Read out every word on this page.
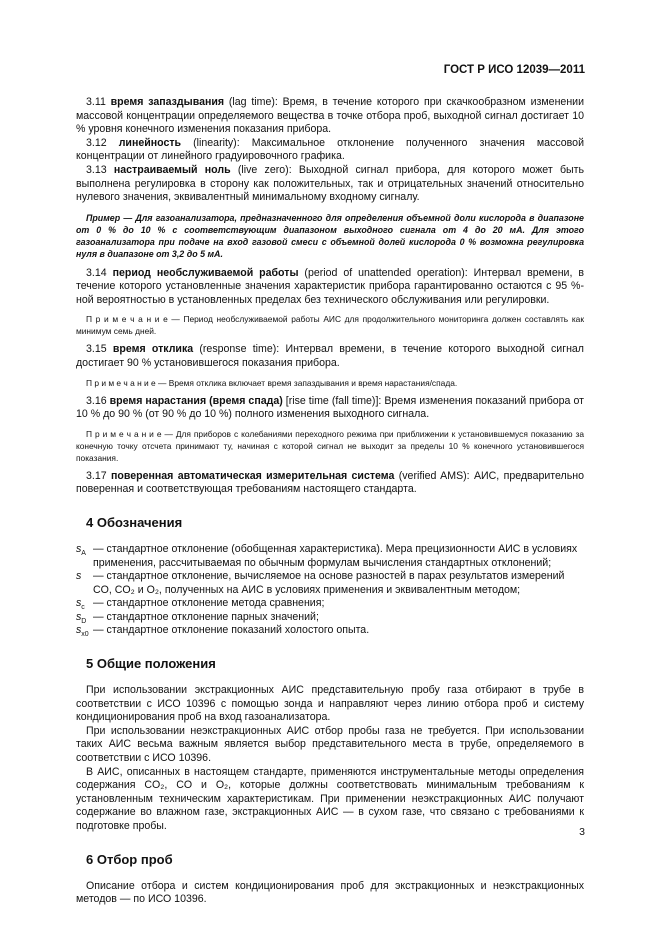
ГОСТ Р ИСО 12039—2011

3.11 время запаздывания (lag time): Время, в течение которого при скачкообразном изменении массовой концентрации определяемого вещества в точке отбора проб, выходной сигнал достигает 10 % уровня конечного изменения показания прибора.

3.12 линейность (linearity): Максимальное отклонение полученного значения массовой концентрации от линейного градуировочного графика.

3.13 настраиваемый ноль (live zero): Выходной сигнал прибора, для которого может быть выполнена регулировка в сторону как положительных, так и отрицательных значений относительно нулевого значения, эквивалентный минимальному входному сигналу.

Пример — Для газоанализатора, предназначенного для определения объемной доли кислорода в диапазоне от 0 % до 10 % с соответствующим диапазоном выходного сигнала от 4 до 20 мА. Для этого газоанализатора при подаче на вход газовой смеси с объемной долей кислорода 0 % возможна регулировка нуля в диапазоне от 3,2 до 5 мА.

3.14 период необслуживаемой работы (period of unattended operation): Интервал времени, в течение которого установленные значения характеристик прибора гарантированно остаются с 95 %-ной вероятностью в установленных пределах без технического обслуживания или регулировки.

П р и м е ч а н и е — Период необслуживаемой работы АИС для продолжительного мониторинга должен составлять как минимум семь дней.

3.15 время отклика (response time): Интервал времени, в течение которого выходной сигнал достигает 90 % установившегося показания прибора.

П р и м е ч а н и е — Время отклика включает время запаздывания и время нарастания/спада.

3.16 время нарастания (время спада) [rise time (fall time)]: Время изменения показаний прибора от 10 % до 90 % (от 90 % до 10 %) полного изменения выходного сигнала.

П р и м е ч а н и е — Для приборов с колебаниями переходного режима при приближении к установившемуся показанию за конечную точку отсчета принимают ту, начиная с которой сигнал не выходит за пределы 10 % конечного установившегося показания.

3.17 поверенная автоматическая измерительная система (verified AMS): АИС, предварительно поверенная и соответствующая требованиям настоящего стандарта.

4 Обозначения
$s_A$ — стандартное отклонение (обобщенная характеристика). Мера прецизионности АИС в условиях применения, рассчитываемая по обычным формулам вычисления стандартных отклонений;
s	— стандартное отклонение, вычисляемое на основе разностей в парах результатов измерений CO, CO₂ и O₂, полученных на АИС в условиях применения и эквивалентным методом;
$s_c$ — стандартное отклонение метода сравнения;
$s_D$ — стандартное отклонение парных значений;
$s_{x0}$ — стандартное отклонение показаний холостого опыта.
5 Общие положения

При использовании экстракционных АИС представительную пробу газа отбирают в трубе в соответствии с ИСО 10396 с помощью зонда и направляют через линию отбора проб и систему кондиционирования проб на вход газоанализатора.

При использовании неэкстракционных АИС отбор пробы газа не требуется. При использовании таких АИС весьма важным является выбор представительного места в трубе, определяемого в соответствии с ИСО 10396.

В АИС, описанных в настоящем стандарте, применяются инструментальные методы определения содержания CO₂, CO и O₂, которые должны соответствовать минимальным требованиям к установленным техническим характеристикам. При применении неэкстракционных АИС получают содержание во влажном газе, экстракционных АИС — в сухом газе, что связано с требованиями к подготовке пробы.

6 Отбор проб

Описание отбора и систем кондиционирования проб для экстракционных и неэкстракционных методов — по ИСО 10396.

3
